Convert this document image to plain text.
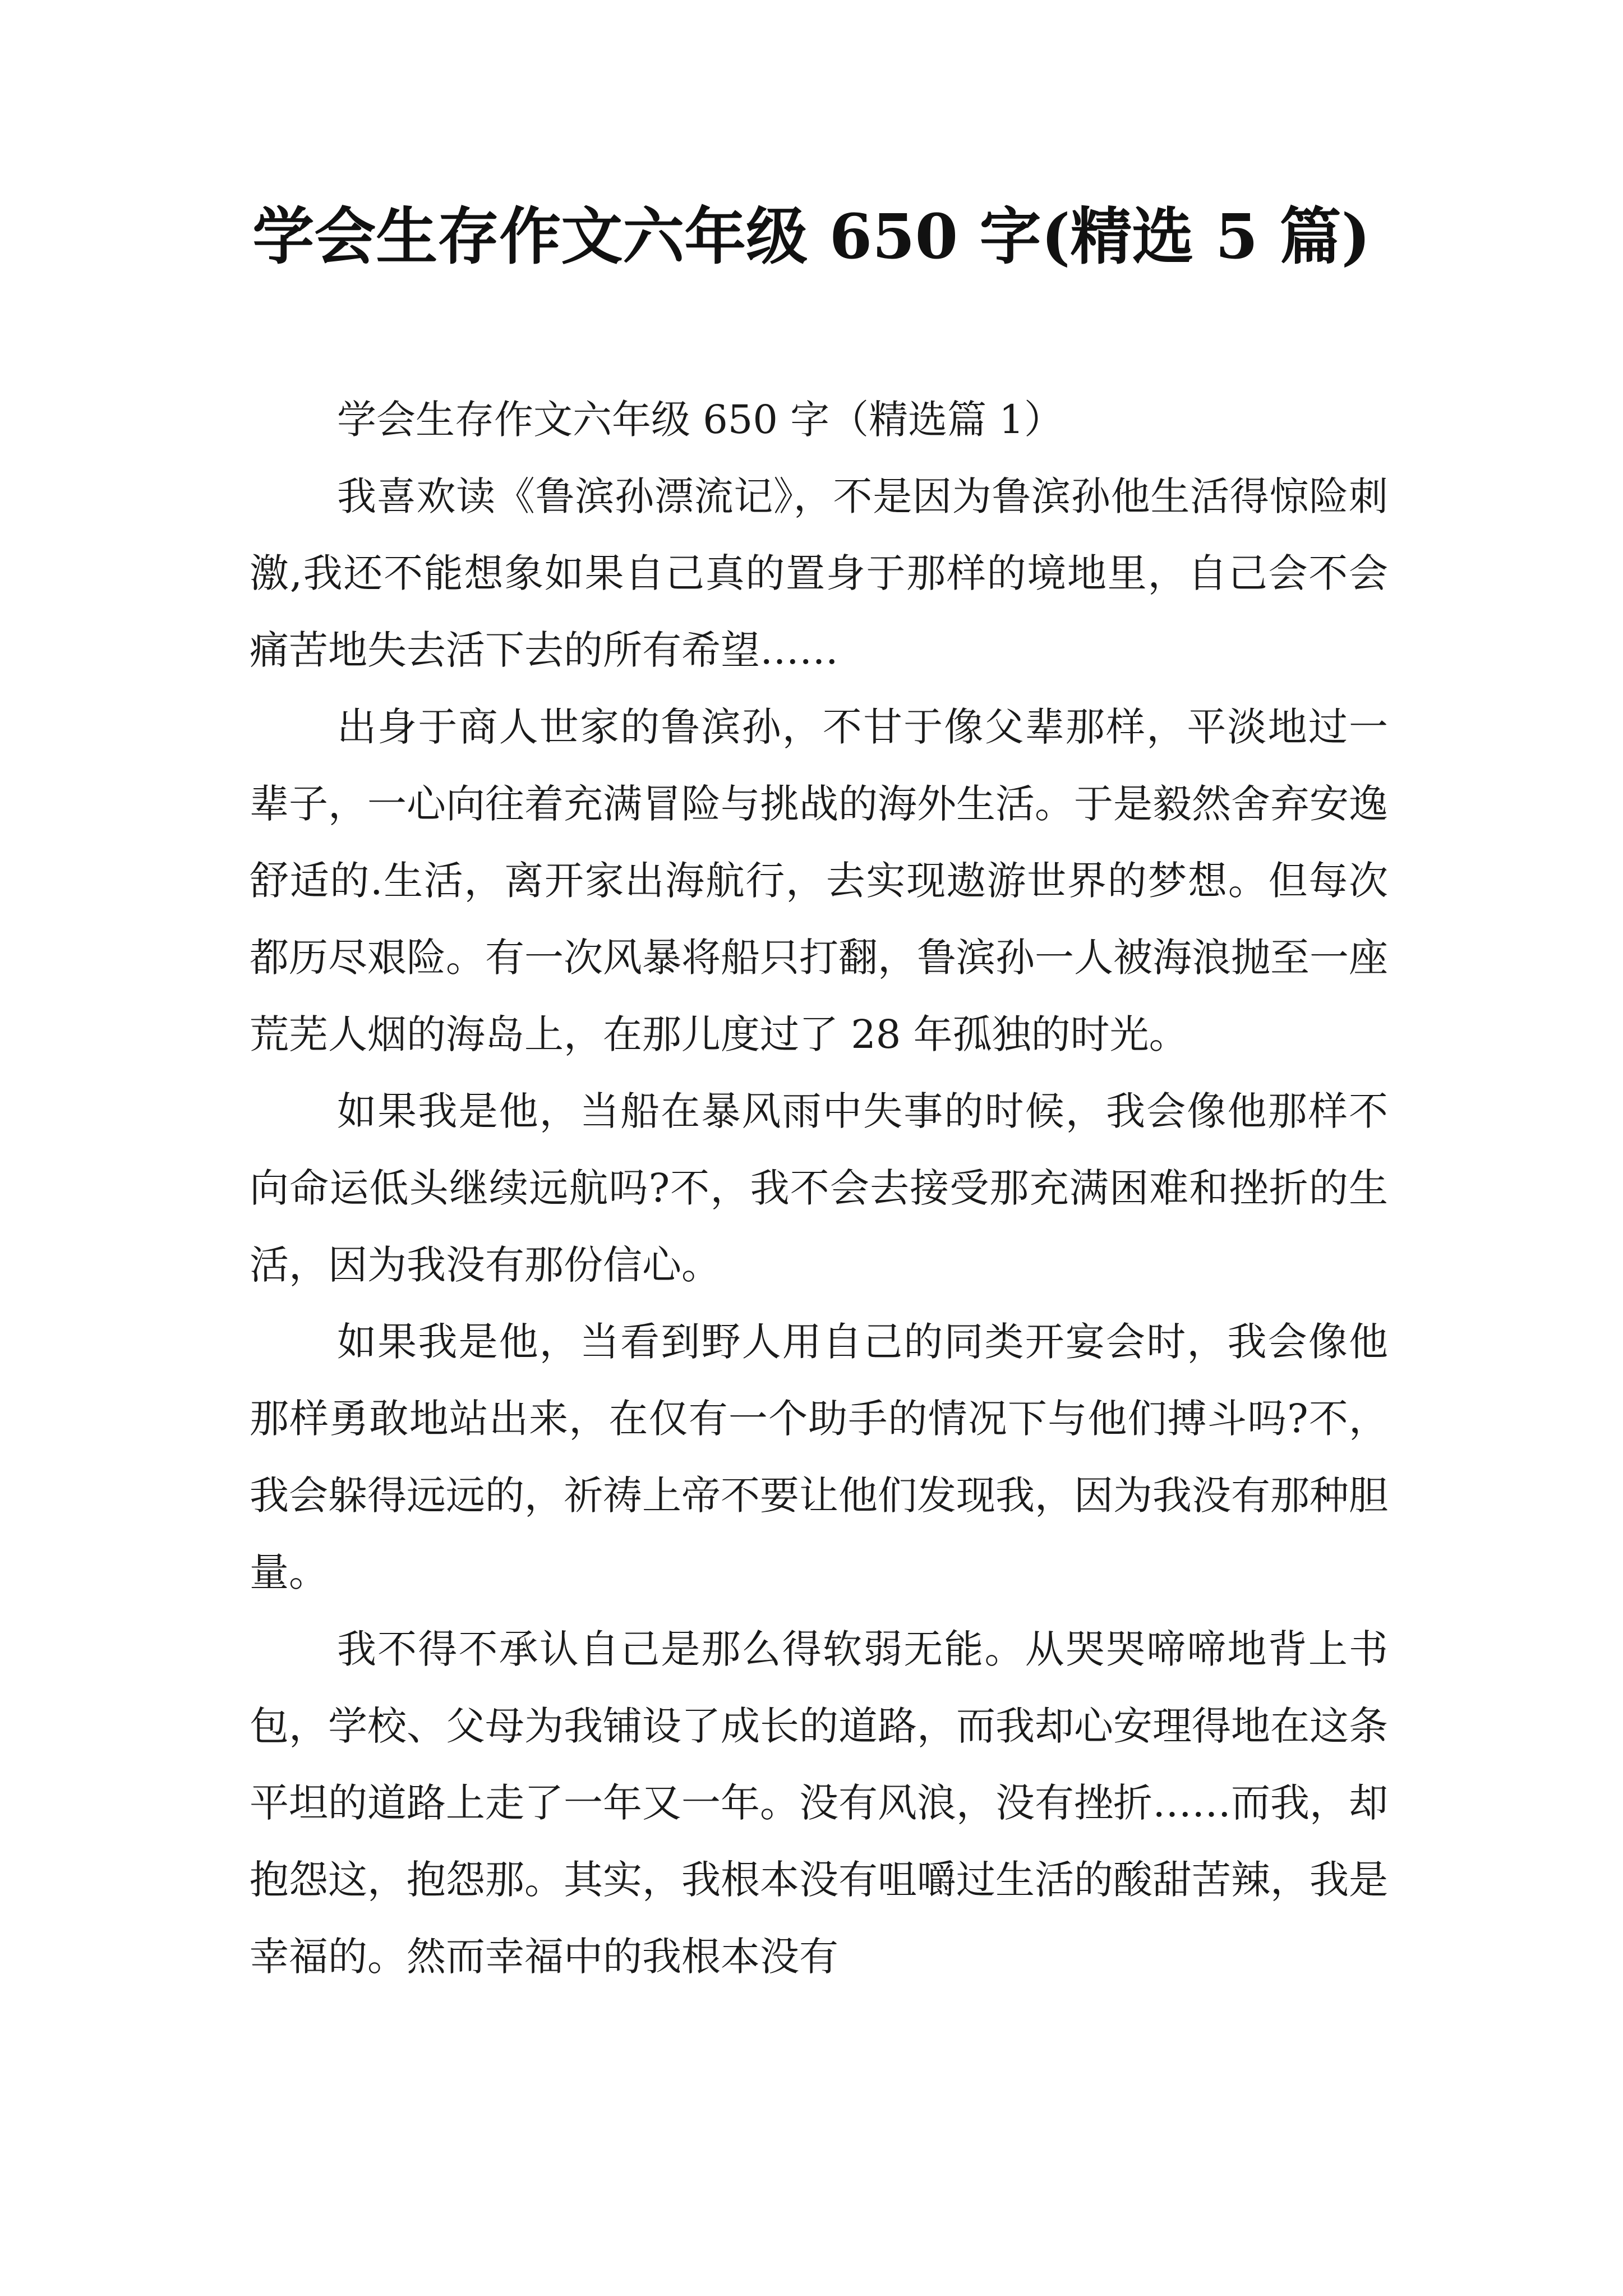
学会生存作文六年级 650 字(精选 5 篇)

学会生存作文六年级 650 字（精选篇 1）

我喜欢读《鲁滨孙漂流记》，不是因为鲁滨孙他生活得惊险刺激,我还不能想象如果自己真的置身于那样的境地里，自己会不会痛苦地失去活下去的所有希望……

出身于商人世家的鲁滨孙，不甘于像父辈那样，平淡地过一辈子，一心向往着充满冒险与挑战的海外生活。于是毅然舍弃安逸舒适的.生活，离开家出海航行，去实现遨游世界的梦想。但每次都历尽艰险。有一次风暴将船只打翻，鲁滨孙一人被海浪抛至一座荒芜人烟的海岛上，在那儿度过了 28 年孤独的时光。

如果我是他，当船在暴风雨中失事的时候，我会像他那样不向命运低头继续远航吗?不，我不会去接受那充满困难和挫折的生活，因为我没有那份信心。

如果我是他，当看到野人用自己的同类开宴会时，我会像他那样勇敢地站出来，在仅有一个助手的情况下与他们搏斗吗?不，我会躲得远远的，祈祷上帝不要让他们发现我，因为我没有那种胆量。

我不得不承认自己是那么得软弱无能。从哭哭啼啼地背上书包，学校、父母为我铺设了成长的道路，而我却心安理得地在这条平坦的道路上走了一年又一年。没有风浪，没有挫折……而我，却抱怨这，抱怨那。其实，我根本没有咀嚼过生活的酸甜苦辣，我是幸福的。然而幸福中的我根本没有
